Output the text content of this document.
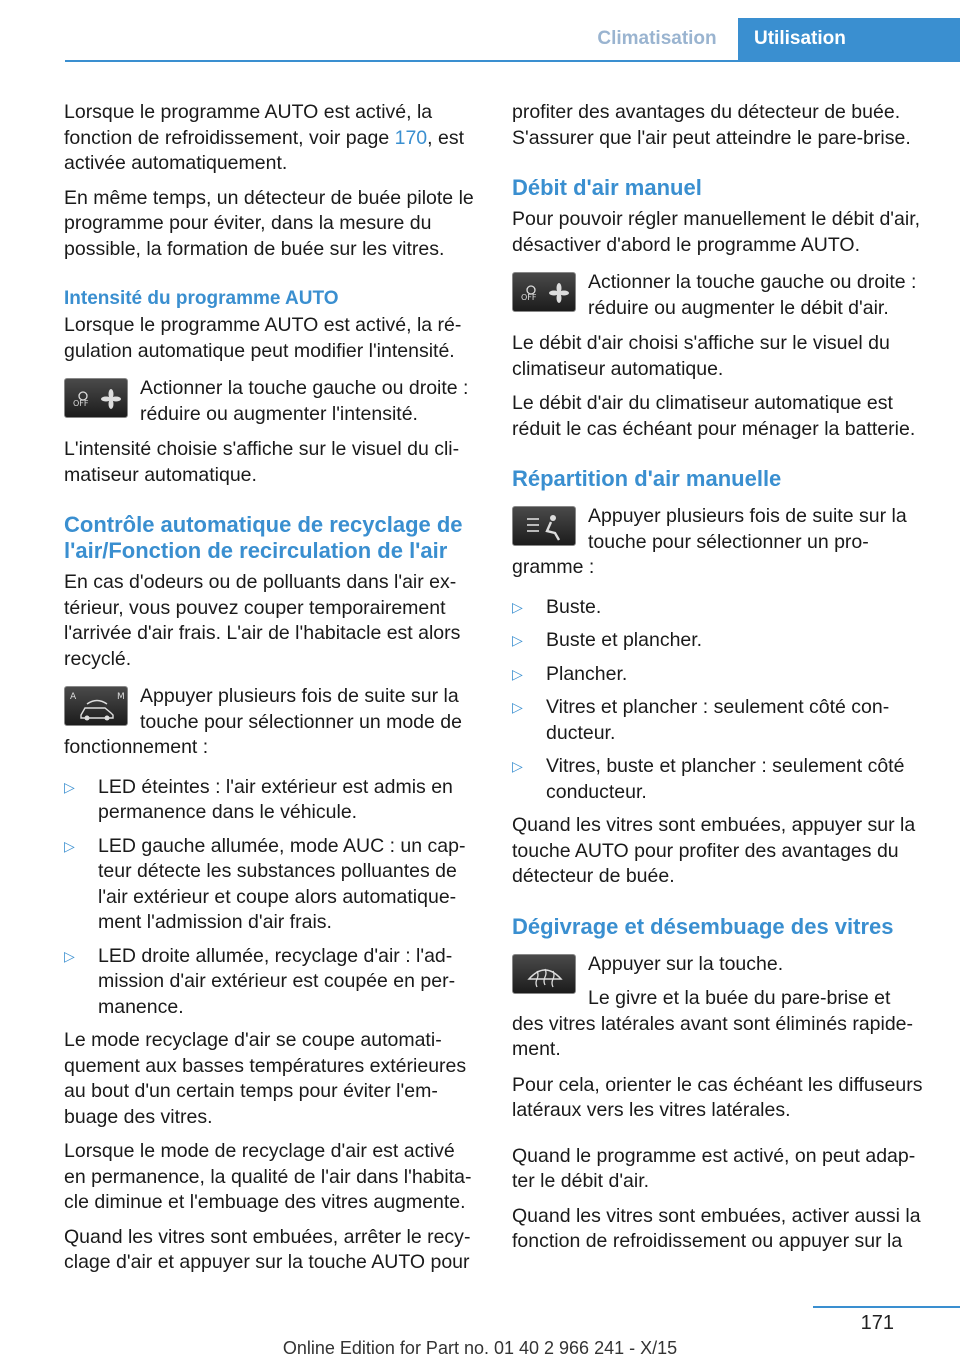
Climatisation	Utilisation

Lorsque le programme AUTO est activé, la fonction de refroidissement, voir page 170, est activée automatiquement.

En même temps, un détecteur de buée pilote le programme pour éviter, dans la mesure du possible, la formation de buée sur les vitres.

Intensité du programme AUTO

Lorsque le programme AUTO est activé, la régulation automatique peut modifier l'intensité.

OFF
Actionner la touche gauche ou droite : réduire ou augmenter l'intensité.

L'intensité choisie s'affiche sur le visuel du climatiseur automatique.

Contrôle automatique de recyclage de l'air/Fonction de recirculation de l'air

En cas d'odeurs ou de polluants dans l'air extérieur, vous pouvez couper temporairement l'arrivée d'air frais. L'air de l'habitacle est alors recyclé.

A	M Appuyer plusieurs fois de suite sur la touche pour sélectionner un mode de fonctionnement :
▷ LED éteintes : l'air extérieur est admis en permanence dans le véhicule.
▷ LED gauche allumée, mode AUC : un capteur détecte les substances polluantes de l'air extérieur et coupe alors automatiquement l'admission d'air frais.
▷ LED droite allumée, recyclage d'air : l'admission d'air extérieur est coupée en permanence.

Le mode recyclage d'air se coupe automatiquement aux basses températures extérieures au bout d'un certain temps pour éviter l'embuage des vitres.

Lorsque le mode de recyclage d'air est activé en permanence, la qualité de l'air dans l'habitacle diminue et l'embuage des vitres augmente.

Quand les vitres sont embuées, arrêter le recyclage d'air et appuyer sur la touche AUTO pour

profiter des avantages du détecteur de buée. S'assurer que l'air peut atteindre le pare-brise.

Débit d'air manuel

Pour pouvoir régler manuellement le débit d'air, désactiver d'abord le programme AUTO.

OFF
Actionner la touche gauche ou droite : réduire ou augmenter le débit d'air.

Le débit d'air choisi s'affiche sur le visuel du climatiseur automatique.

Le débit d'air du climatiseur automatique est réduit le cas échéant pour ménager la batterie.

Répartition d'air manuelle
Appuyer plusieurs fois de suite sur la touche pour sélectionner un programme :
▷ Buste.
▷ Buste et plancher.
▷ Plancher.
▷ Vitres et plancher : seulement côté conducteur.
▷ Vitres, buste et plancher : seulement côté conducteur.

Quand les vitres sont embuées, appuyer sur la touche AUTO pour profiter des avantages du détecteur de buée.

Dégivrage et désembuage des vitres
Appuyer sur la touche.
Le givre et la buée du pare-brise et des vitres latérales avant sont éliminés rapidement.

Pour cela, orienter le cas échéant les diffuseurs latéraux vers les vitres latérales.

Quand le programme est activé, on peut adapter le débit d'air.

Quand les vitres sont embuées, activer aussi la fonction de refroidissement ou appuyer sur la

171
Online Edition for Part no. 01 40 2 966 241 - X/15
